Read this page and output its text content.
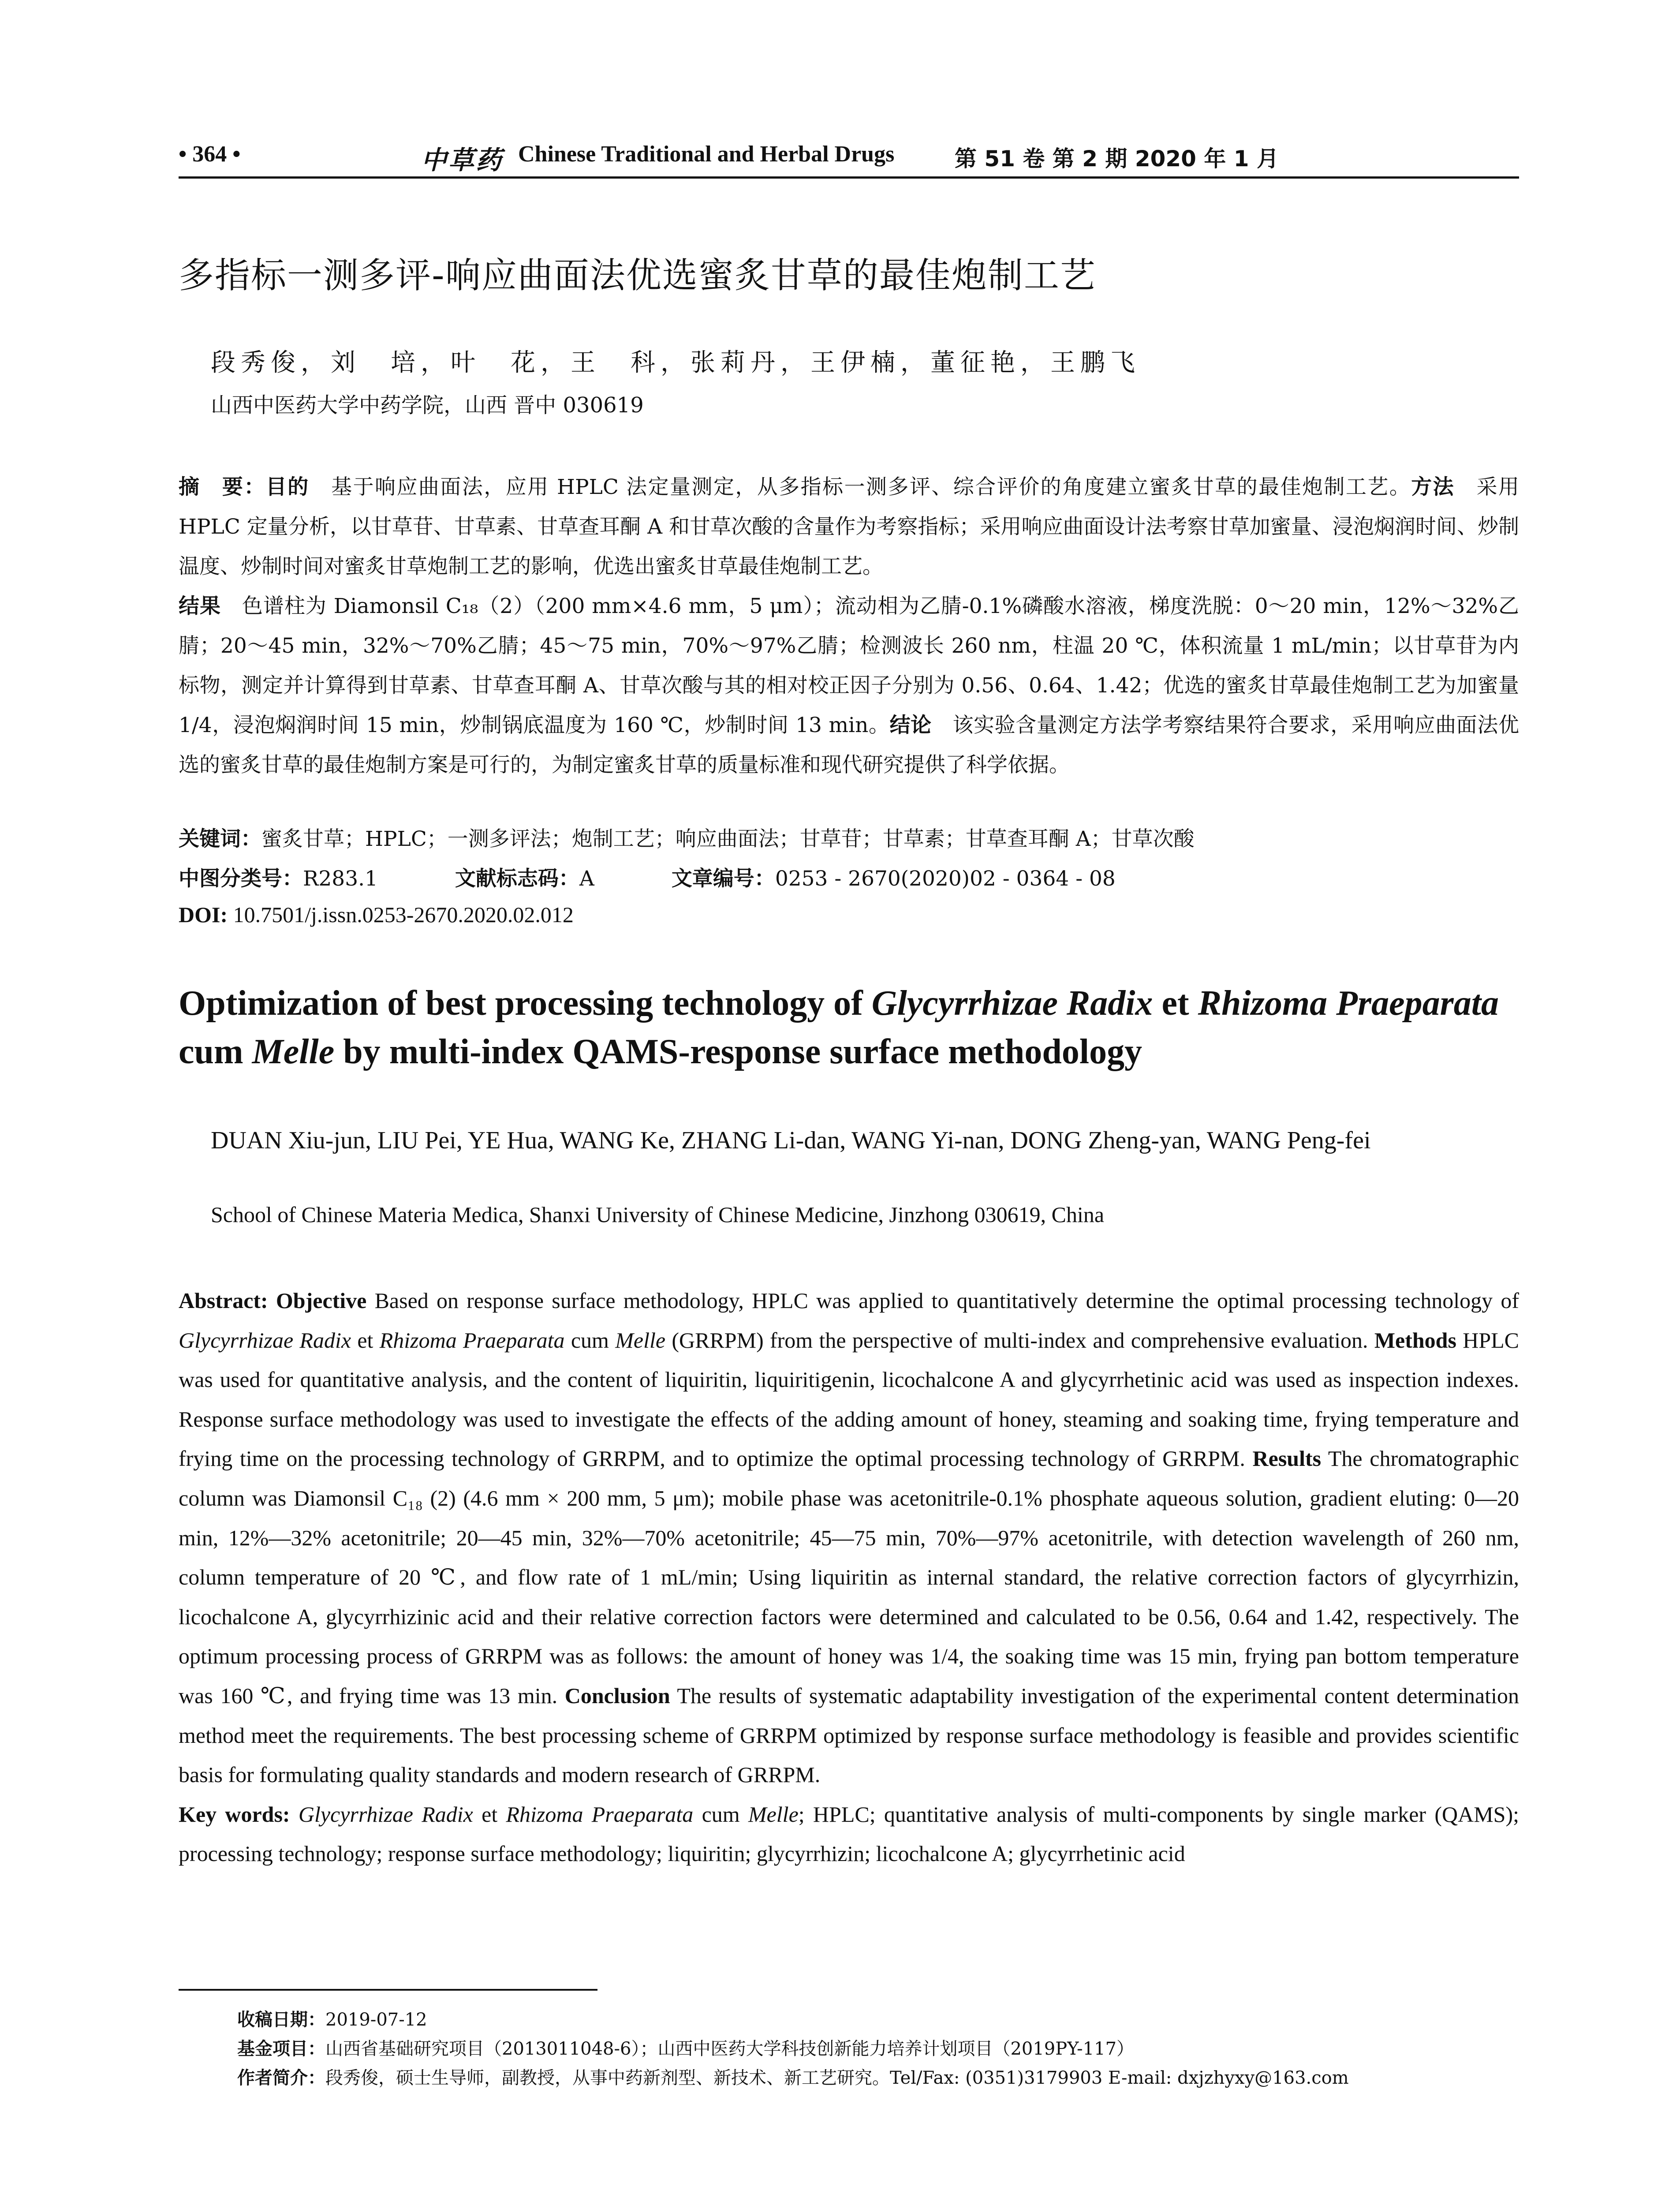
• 364 •	中草药 Chinese Traditional and Herbal Drugs	第 51 卷 第 2 期 2020 年 1 月
多指标一测多评-响应曲面法优选蜜炙甘草的最佳炮制工艺
段秀俊，刘　培，叶　花，王　科，张莉丹，王伊楠，董征艳，王鹏飞
山西中医药大学中药学院，山西 晋中 030619

摘　要：目的　基于响应曲面法，应用 HPLC 法定量测定，从多指标一测多评、综合评价的角度建立蜜炙甘草的最佳炮制工艺。方法　采用 HPLC 定量分析，以甘草苷、甘草素、甘草查耳酮 A 和甘草次酸的含量作为考察指标；采用响应曲面设计法考察甘草加蜜量、浸泡焖润时间、炒制温度、炒制时间对蜜炙甘草炮制工艺的影响，优选出蜜炙甘草最佳炮制工艺。

结果　色谱柱为 Diamonsil C₁₈（2）（200 mm×4.6 mm，5 μm）；流动相为乙腈-0.1%磷酸水溶液，梯度洗脱：0～20 min，12%～32%乙腈；20～45 min，32%～70%乙腈；45～75 min，70%～97%乙腈；检测波长 260 nm，柱温 20 ℃，体积流量 1 mL/min；以甘草苷为内标物，测定并计算得到甘草素、甘草查耳酮 A、甘草次酸与其的相对校正因子分别为 0.56、0.64、1.42；优选的蜜炙甘草最佳炮制工艺为加蜜量 1/4，浸泡焖润时间 15 min，炒制锅底温度为 160 ℃，炒制时间 13 min。结论　该实验含量测定方法学考察结果符合要求，采用响应曲面法优选的蜜炙甘草的最佳炮制方案是可行的，为制定蜜炙甘草的质量标准和现代研究提供了科学依据。

关键词：蜜炙甘草；HPLC；一测多评法；炮制工艺；响应曲面法；甘草苷；甘草素；甘草查耳酮 A；甘草次酸
中图分类号：R283.1	文献标志码：A	文章编号：0253 - 2670(2020)02 - 0364 - 08
DOI: 10.7501/j.issn.0253-2670.2020.02.012
Optimization of best processing technology of Glycyrrhizae Radix et Rhizoma Praeparata cum Melle by multi-index QAMS-response surface methodology
DUAN Xiu-jun, LIU Pei, YE Hua, WANG Ke, ZHANG Li-dan, WANG Yi-nan, DONG Zheng-yan, WANG Peng-fei
School of Chinese Materia Medica, Shanxi University of Chinese Medicine, Jinzhong 030619, China

Abstract: Objective Based on response surface methodology, HPLC was applied to quantitatively determine the optimal processing technology of Glycyrrhizae Radix et Rhizoma Praeparata cum Melle (GRRPM) from the perspective of multi-index and comprehensive evaluation. Methods HPLC was used for quantitative analysis, and the content of liquiritin, liquiritigenin, licochalcone A and glycyrrhetinic acid was used as inspection indexes. Response surface methodology was used to investigate the effects of the adding amount of honey, steaming and soaking time, frying temperature and frying time on the processing technology of GRRPM, and to optimize the optimal processing technology of GRRPM. Results The chromatographic column was Diamonsil C₁₈ (2) (4.6 mm × 200 mm, 5 μm); mobile phase was acetonitrile-0.1% phosphate aqueous solution, gradient eluting: 0—20 min, 12%—32% acetonitrile; 20—45 min, 32%—70% acetonitrile; 45—75 min, 70%—97% acetonitrile, with detection wavelength of 260 nm, column temperature of 20 ℃, and flow rate of 1 mL/min; Using liquiritin as internal standard, the relative correction factors of glycyrrhizin, licochalcone A, glycyrrhizinic acid and their relative correction factors were determined and calculated to be 0.56, 0.64 and 1.42, respectively. The optimum processing process of GRRPM was as follows: the amount of honey was 1/4, the soaking time was 15 min, frying pan bottom temperature was 160 ℃, and frying time was 13 min. Conclusion The results of systematic adaptability investigation of the experimental content determination method meet the requirements. The best processing scheme of GRRPM optimized by response surface methodology is feasible and provides scientific basis for formulating quality standards and modern research of GRRPM.

Key words: Glycyrrhizae Radix et Rhizoma Praeparata cum Melle; HPLC; quantitative analysis of multi-components by single marker (QAMS); processing technology; response surface methodology; liquiritin; glycyrrhizin; licochalcone A; glycyrrhetinic acid

收稿日期：2019-07-12
基金项目：山西省基础研究项目（2013011048-6）；山西中医药大学科技创新能力培养计划项目（2019PY-117）
作者简介：段秀俊，硕士生导师，副教授，从事中药新剂型、新技术、新工艺研究。Tel/Fax: (0351)3179903 E-mail: dxjzhyxy@163.com
